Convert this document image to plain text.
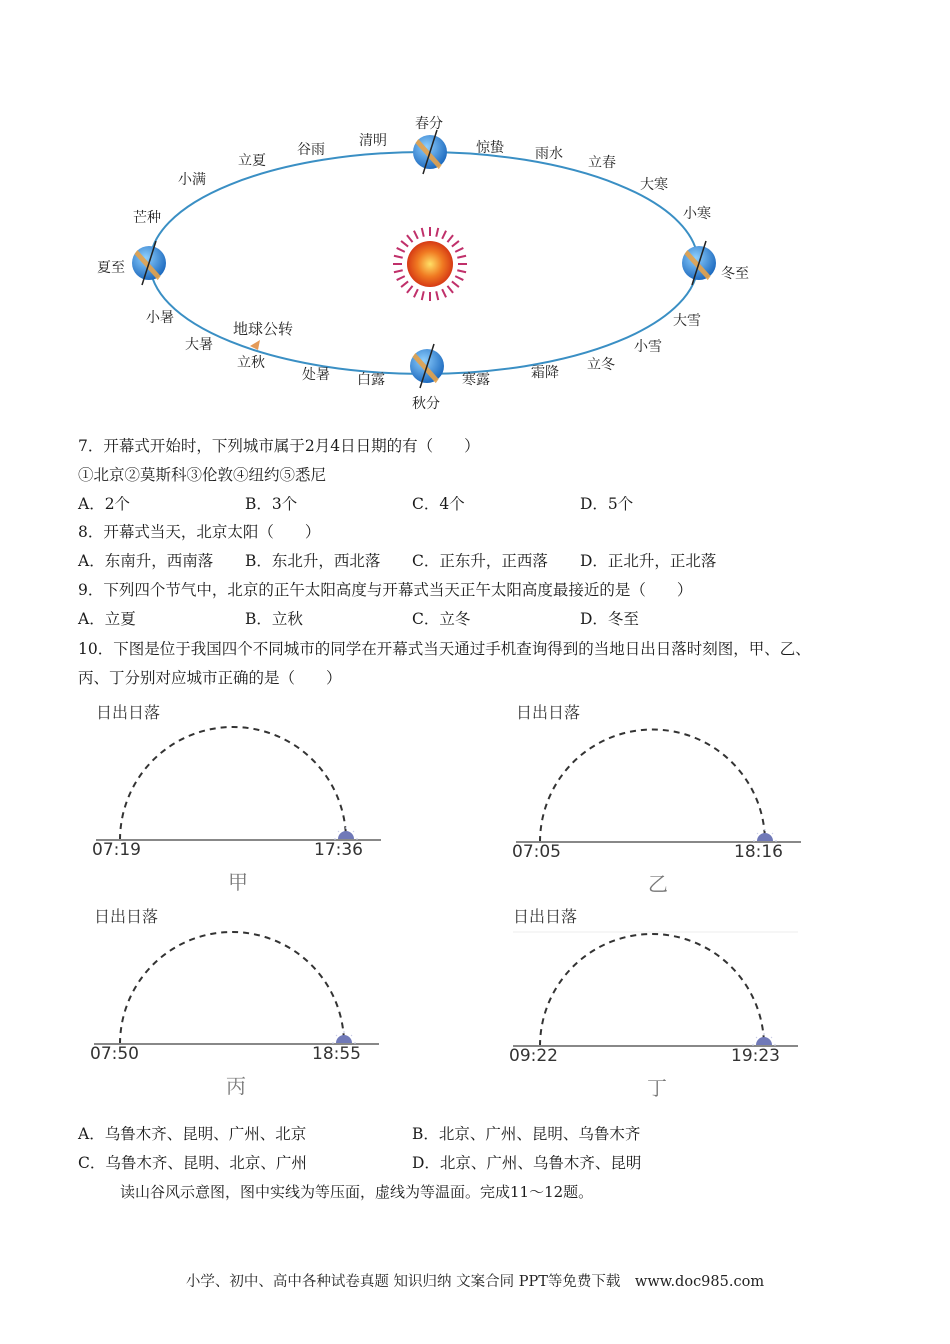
春分
惊蛰 雨水
立春
大寒
小寒
冬至
大雪
小雪
立冬
霜降
寒露
秋分
白露
处暑
立秋
大暑
小暑
夏至
芒种
小满
立夏
谷雨
清明
地球公转
7．开幕式开始时，下列城市属于2月4日日期的有（　　）
①北京②莫斯科③伦敦④纽约⑤悉尼
A．2个	B．3个	C．4个	D．5个
8．开幕式当天，北京太阳（　　）
A．东南升，西南落 B．东北升，西北落 C．正东升，正西落 D．正北升，正北落
9．下列四个节气中，北京的正午太阳高度与开幕式当天正午太阳高度最接近的是（　　）
A．立夏	B．立秋	C．立冬	D．冬至
10．下图是位于我国四个不同城市的同学在开幕式当天通过手机查询得到的当地日出日落时刻图，甲、乙、
丙、丁分别对应城市正确的是（　　）
日出日落
07:19	17:36
甲
日出日落
07:05	18:16
乙
日出日落
07:50	18:55
丙
日出日落
09:22	19:23
丁
A．乌鲁木齐、昆明、广州、北京	B．北京、广州、昆明、乌鲁木齐
C．乌鲁木齐、昆明、北京、广州	D．北京、广州、乌鲁木齐、昆明
读山谷风示意图，图中实线为等压面，虚线为等温面。完成11～12题。
小学、初中、高中各种试卷真题 知识归纳 文案合同 PPT等免费下载　www.doc985.com
